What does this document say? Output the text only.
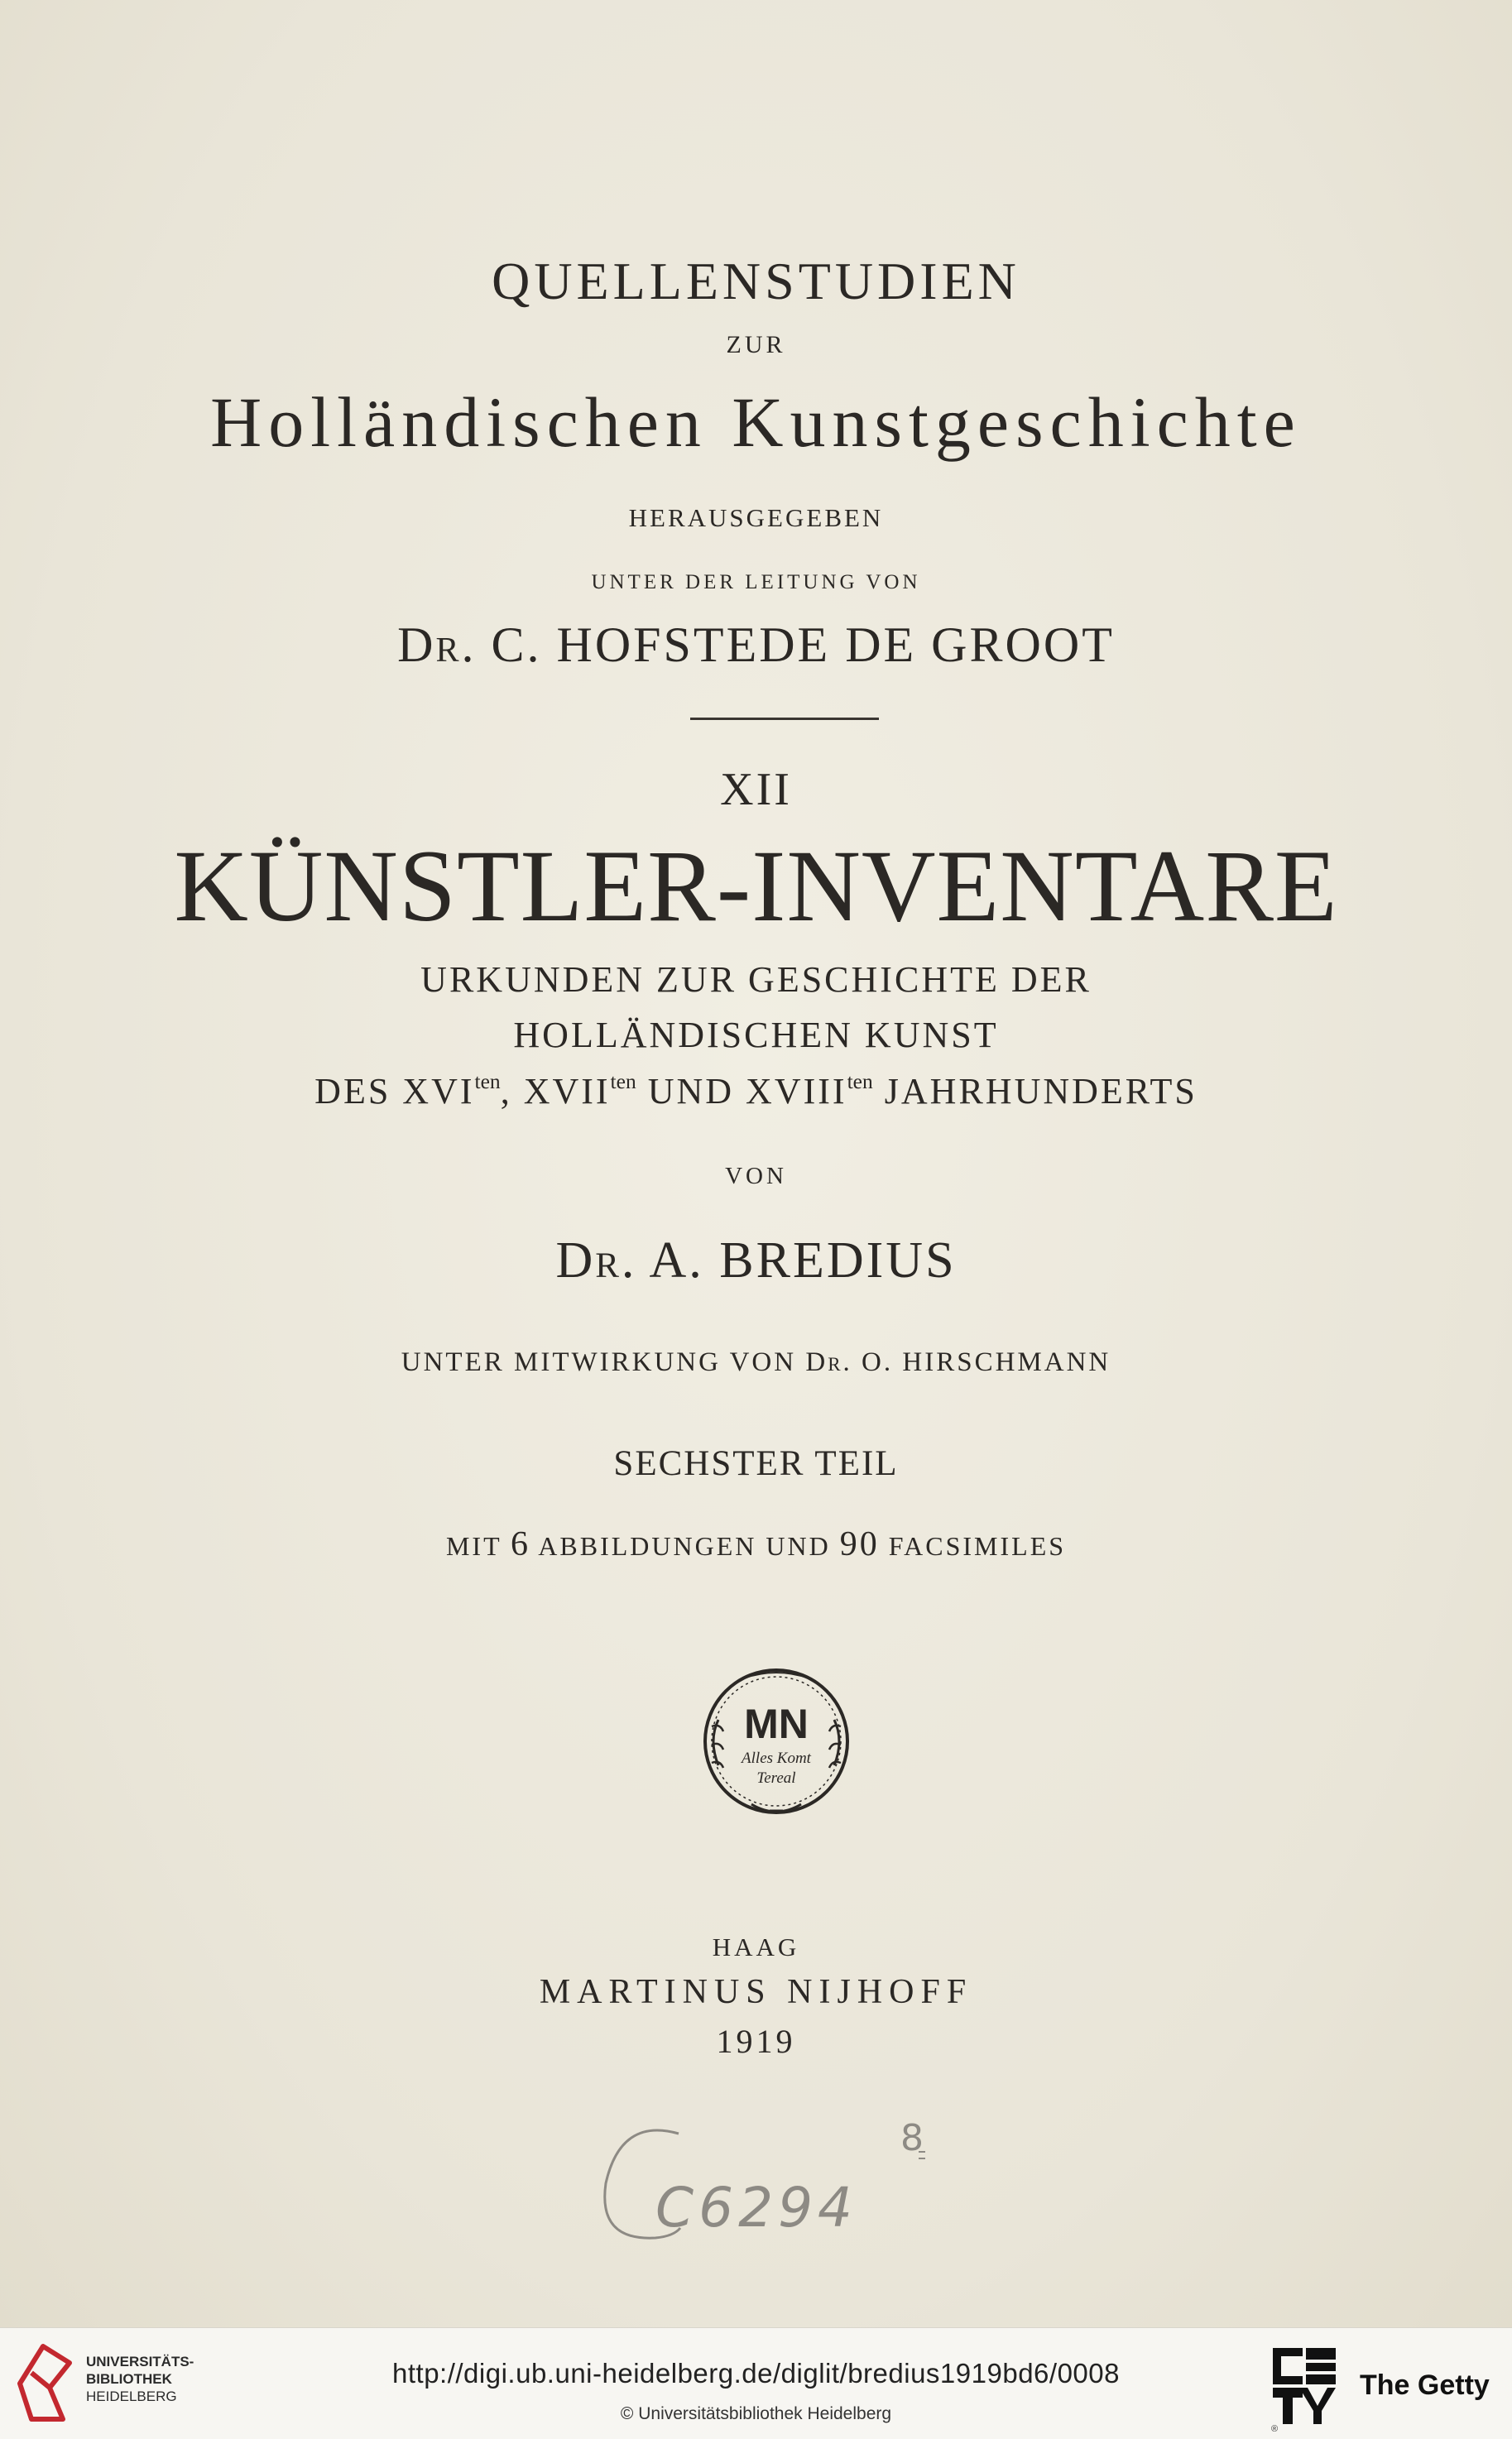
QUELLENSTUDIEN
ZUR
Holländischen Kunstgeschichte
HERAUSGEGEBEN
UNTER DER LEITUNG VON
Dr. C. HOFSTEDE DE GROOT
XII
KÜNSTLER-INVENTARE
URKUNDEN ZUR GESCHICHTE DER
HOLLÄNDISCHEN KUNST
DES $XVI^{ten}$, $XVII^{ten}$ UND $XVIII^{ten}$ JAHRHUNDERTS
VON
Dr. A. BREDIUS
UNTER MITWIRKUNG VON Dr. O. HIRSCHMANN
SECHSTER TEIL
MIT 6 ABBILDUNGEN UND 90 FACSIMILES
MN
Alles Komt
Tereal
HAAG
MARTINUS NIJHOFF
1919
C6294
8
UNIVERSITÄTS-
BIBLIOTHEK
HEIDELBERG
http://digi.ub.uni-heidelberg.de/diglit/bredius1919bd6/0008
© Universitätsbibliothek Heidelberg
®
The Getty
